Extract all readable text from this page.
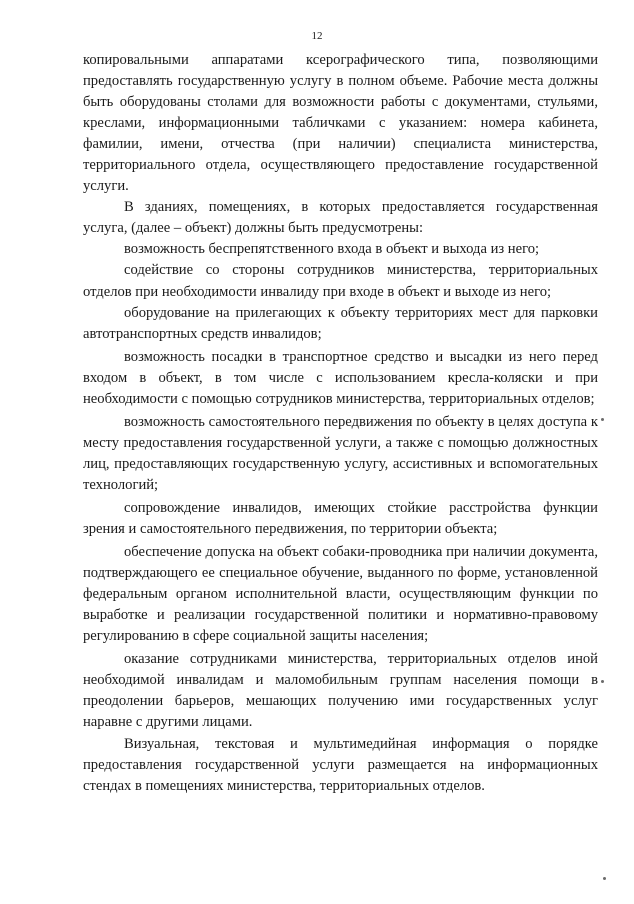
12

копировальными аппаратами ксерографического типа, позволяющими предоставлять государственную услугу в полном объеме. Рабочие места должны быть оборудованы столами для возможности работы с документами, стульями, креслами, информационными табличками с указанием: номера кабинета, фамилии, имени, отчества (при наличии) специалиста министерства, территориального отдела, осуществляющего предоставление государственной услуги.

В зданиях, помещениях, в которых предоставляется государственная услуга, (далее – объект) должны быть предусмотрены:

возможность беспрепятственного входа в объект и выхода из него;

содействие со стороны сотрудников министерства, территориальных отделов при необходимости инвалиду при входе в объект и выходе из него;

оборудование на прилегающих к объекту территориях мест для парковки автотранспортных средств инвалидов;

возможность посадки в транспортное средство и высадки из него перед входом в объект, в том числе с использованием кресла-коляски и при необходимости с помощью сотрудников министерства, территориальных отделов;

возможность самостоятельного передвижения по объекту в целях доступа к месту предоставления государственной услуги, а также с помощью должностных лиц, предоставляющих государственную услугу, ассистивных и вспомогательных технологий;

сопровождение инвалидов, имеющих стойкие расстройства функции зрения и самостоятельного передвижения, по территории объекта;

обеспечение допуска на объект собаки-проводника при наличии документа, подтверждающего ее специальное обучение, выданного по форме, установленной федеральным органом исполнительной власти, осуществляющим функции по выработке и реализации государственной политики и нормативно-правовому регулированию в сфере социальной защиты населения;

оказание сотрудниками министерства, территориальных отделов иной необходимой инвалидам и маломобильным группам населения помощи в преодолении барьеров, мешающих получению ими государственных услуг наравне с другими лицами.

Визуальная, текстовая и мультимедийная информация о порядке предоставления государственной услуги размещается на информационных стендах в помещениях министерства, территориальных отделов.
